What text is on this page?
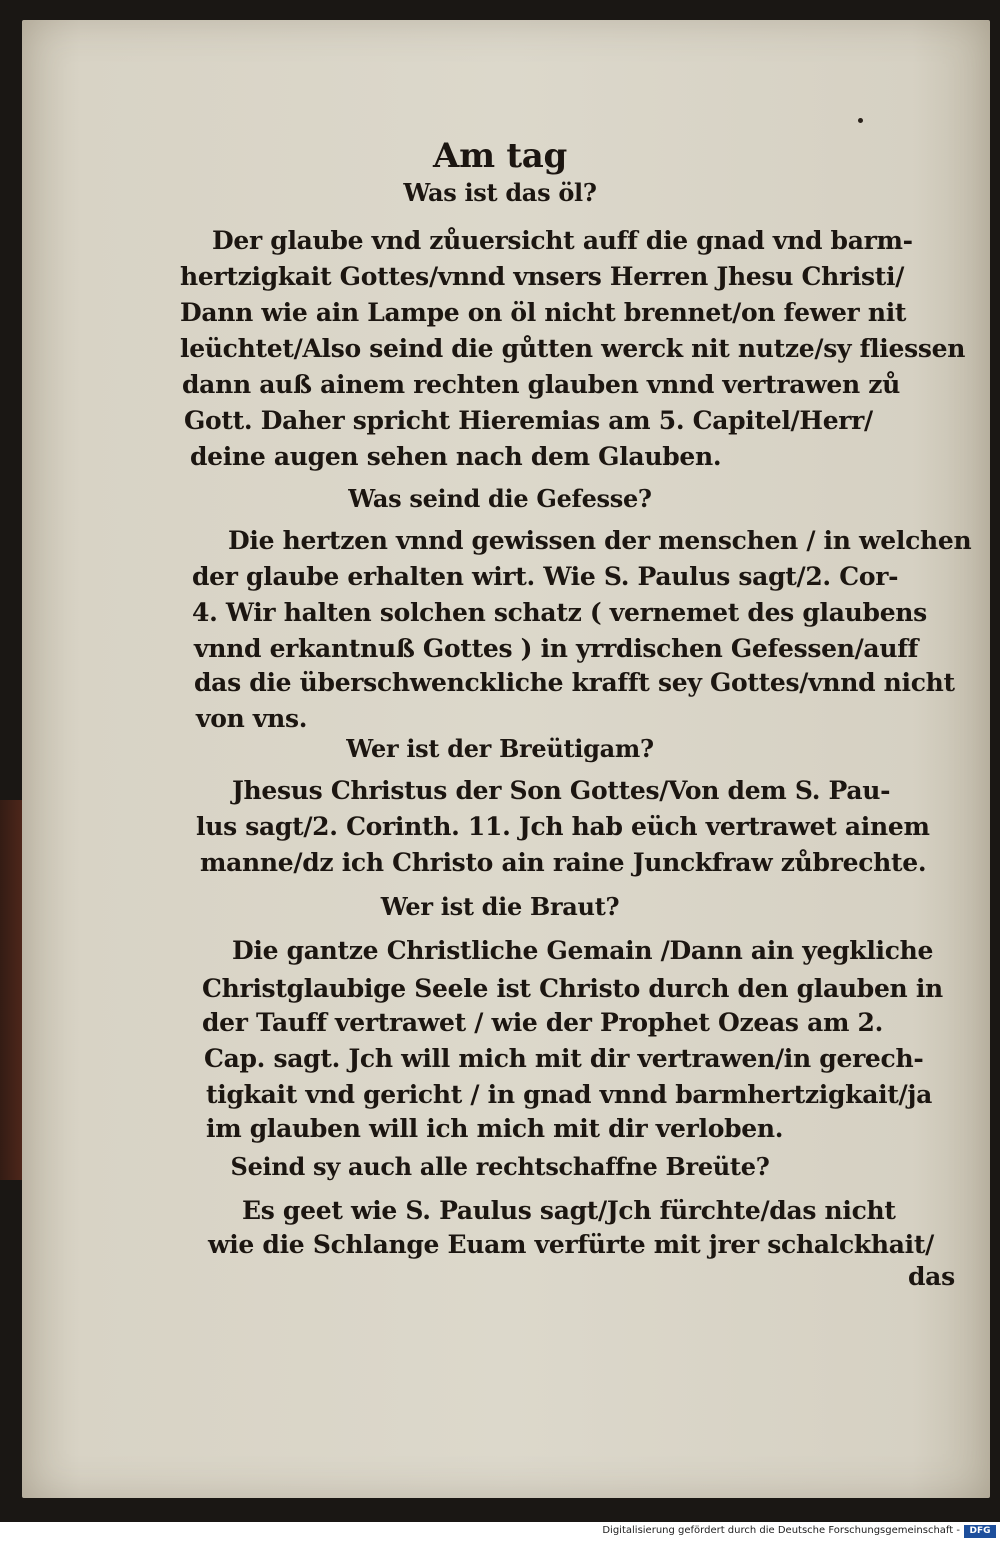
Am tag
Was ist das öl?
Der glaube vnd zůuersicht auff die gnad vnd barm-
hertzigkait Gottes/vnnd vnsers Herren Jhesu Christi/
Dann wie ain Lampe on öl nicht brennet/on fewer nit
leüchtet/Also seind die gůtten werck nit nutze/sy fliessen
dann auß ainem rechten glauben vnnd vertrawen zů
Gott. Daher spricht Hieremias am 5. Capitel/Herr/
deine augen sehen nach dem Glauben.
Was seind die Gefesse?
Die hertzen vnnd gewissen der menschen / in welchen
der glaube erhalten wirt. Wie S. Paulus sagt/2. Cor-
4. Wir halten solchen schatz ( vernemet des glaubens
vnnd erkantnuß Gottes ) in yrrdischen Gefessen/auff
das die überschwenckliche krafft sey Gottes/vnnd nicht
von vns.
Wer ist der Breütigam?
Jhesus Christus der Son Gottes/Von dem S. Pau-
lus sagt/2. Corinth. 11. Jch hab eüch vertrawet ainem
manne/dz ich Christo ain raine Junckfraw zůbrechte.
Wer ist die Braut?
Die gantze Christliche Gemain /Dann ain yegkliche
Christglaubige Seele ist Christo durch den glauben in
der Tauff vertrawet / wie der Prophet Ozeas am 2.
Cap. sagt. Jch will mich mit dir vertrawen/in gerech-
tigkait vnd gericht / in gnad vnnd barmhertzigkait/ja
im glauben will ich mich mit dir verloben.
Seind sy auch alle rechtschaffne Breüte?
Es geet wie S. Paulus sagt/Jch fürchte/das nicht
wie die Schlange Euam verfürte mit jrer schalckhait/
das
Digitalisierung gefördert durch die Deutsche Forschungsgemeinschaft -	DFG
